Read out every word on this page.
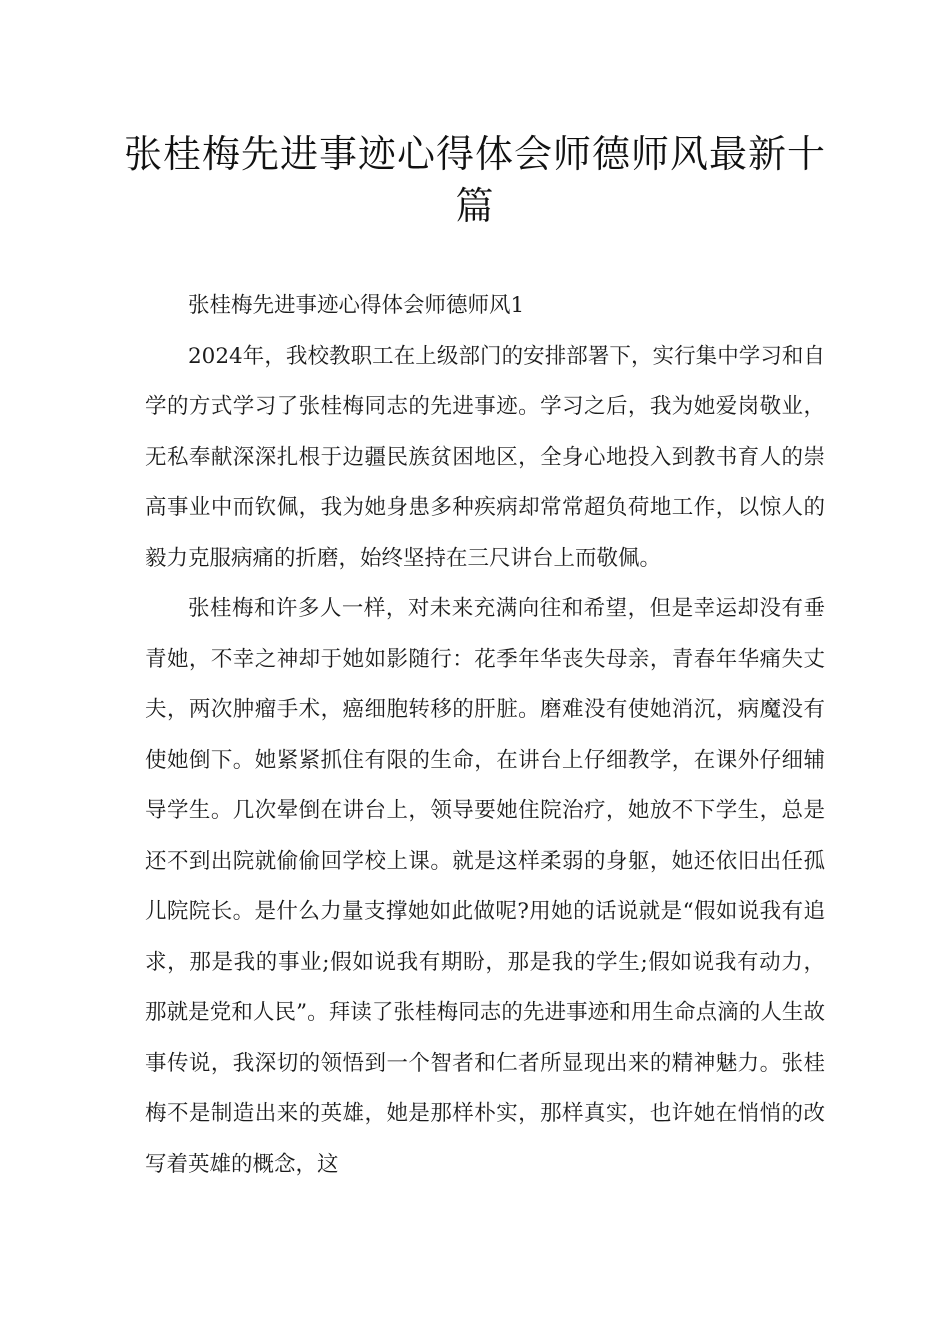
张桂梅先进事迹心得体会师德师风最新十篇

张桂梅先进事迹心得体会师德师风1

2024年，我校教职工在上级部门的安排部署下，实行集中学习和自学的方式学习了张桂梅同志的先进事迹。学习之后，我为她爱岗敬业，无私奉献深深扎根于边疆民族贫困地区，全身心地投入到教书育人的崇高事业中而钦佩，我为她身患多种疾病却常常超负荷地工作，以惊人的毅力克服病痛的折磨，始终坚持在三尺讲台上而敬佩。

张桂梅和许多人一样，对未来充满向往和希望，但是幸运却没有垂青她，不幸之神却于她如影随行：花季年华丧失母亲，青春年华痛失丈夫，两次肿瘤手术，癌细胞转移的肝脏。磨难没有使她消沉，病魔没有使她倒下。她紧紧抓住有限的生命，在讲台上仔细教学，在课外仔细辅导学生。几次晕倒在讲台上，领导要她住院治疗，她放不下学生，总是还不到出院就偷偷回学校上课。就是这样柔弱的身躯，她还依旧出任孤儿院院长。是什么力量支撑她如此做呢?用她的话说就是“假如说我有追求，那是我的事业;假如说我有期盼，那是我的学生;假如说我有动力，那就是党和人民”。拜读了张桂梅同志的先进事迹和用生命点滴的人生故事传说，我深切的领悟到一个智者和仁者所显现出来的精神魅力。张桂梅不是制造出来的英雄，她是那样朴实，那样真实，也许她在悄悄的改写着英雄的概念，这
